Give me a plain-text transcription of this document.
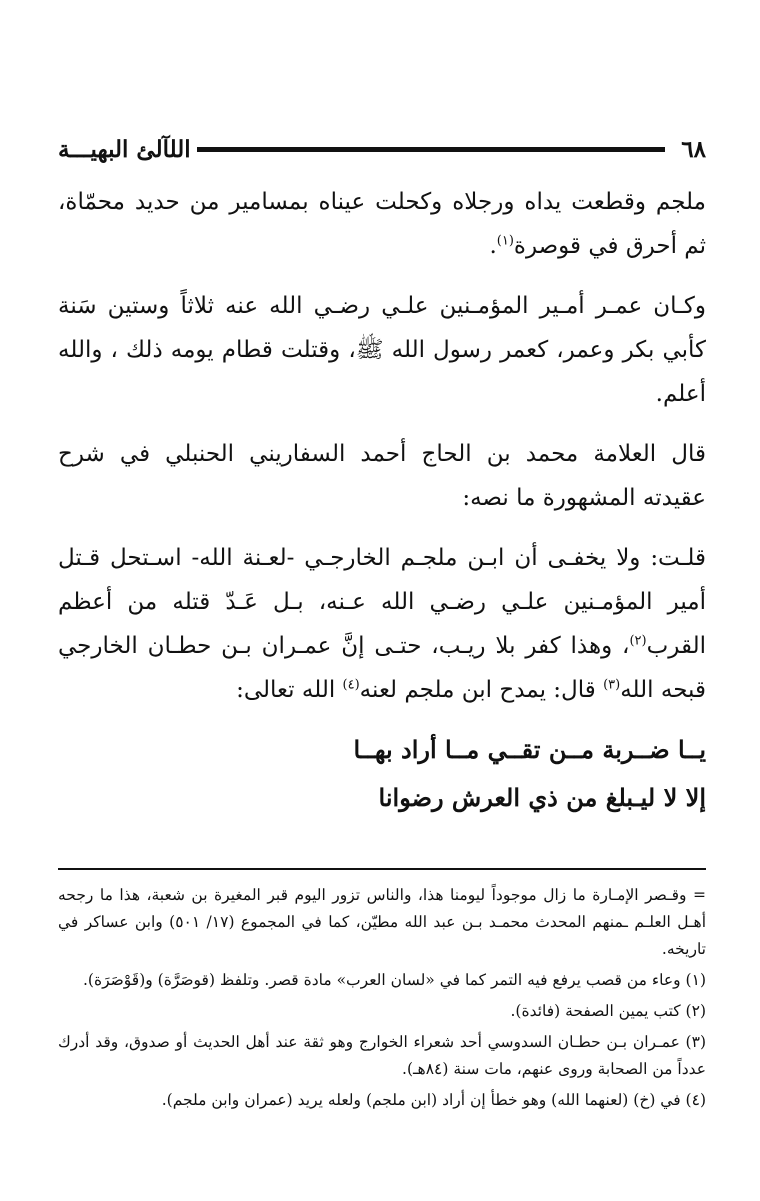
٦٨
اللآلئ البهيـــة

ملجم وقطعت يداه ورجلاه وكحلت عيناه بمسامير من حديد محمّاة، ثم أحرق في قوصرة$^{(١)}$.

وكـان عمـر أمـير المؤمـنين علـي رضـي الله عنه ثلاثاً وستين سَنة كأبي بكر وعمر، كعمر رسول الله ﷺ، وقتلت قطام يومه ذلك ، والله أعلم.

قال العلامة محمد بن الحاج أحمد السفاريني الحنبلي في شرح عقيدته المشهورة ما نصه:

قلـت: ولا يخفـى أن ابـن ملجـم الخارجـي -لعـنة الله- اسـتحل قـتل أمير المؤمـنين علـي رضـي الله عـنه، بـل عَـدّ قتله من أعظم القرب$^{(٢)}$، وهذا كفر بلا ريـب، حتـى إنَّ عمـران بـن حطـان الخارجي قبحه الله$^{(٣)}$ قال: يمدح ابن ملجم لعنه$^{(٤)}$ الله تعالى:

يــا ضــربة مــن تقــي مــا أراد بهــا

إلا لا ليـبلغ من ذي العرش رضوانا

= وقـصر الإمـارة ما زال موجوداً ليومنا هذا، والناس تزور اليوم قبر المغيرة بن شعبة، هذا ما رجحه أهـل العلـم ـمنهم المحدث محمـد بـن عبد الله مطيّن، كما في المجموع (١٧/ ٥٠١) وابن عساكر في تاريخه.

(١) وعاء من قصب يرفع فيه التمر كما في «لسان العرب» مادة قصر. وتلفظ (قوصَرَّة) و(قَوْصَرَة).

(٢) كتب يمين الصفحة (فائدة).

(٣) عمـران بـن حطـان السدوسي أحد شعراء الخوارج وهو ثقة عند أهل الحديث أو صدوق، وقد أدرك عدداً من الصحابة وروى عنهم، مات سنة (٨٤هـ).

(٤) في (خ) (لعنهما الله) وهو خطأ إن أراد (ابن ملجم) ولعله يريد (عمران وابن ملجم).
